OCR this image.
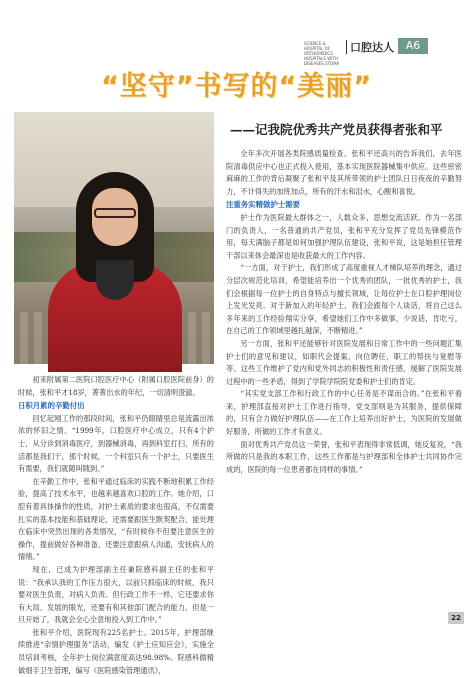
SCIENCE & HOSPITAL OF ORTHOPEDICS HOSPITALS WITH DISEASES STOMA
口腔达人	A6
“坚守”书写的“美丽”
——记我院优秀共产党员获得者张和平

初来附属第二医院口腔医疗中心（附属口腔医院前身）的时候，张和平才18岁，菁菁出水的年纪，一切清明澄澈。

日积月累的辛勤付出

回忆起刚工作的那段时间，张和平仍眼睛里总是流露出浓浓的怀旧之情。“1999年，口腔医疗中心成立，只有4个护士，从分诊到消毒医疗，到器械消毒，再到科室打扫，所有的活都是我们干，那个时候，一个科室只有一个护士，只要医生有需要，我们就随叫随到。”

在辛勤工作中，张和平通过临床的实践不断地积累工作经验，提高了技术水平，也越来越喜欢口腔的工作。她介绍，口腔有着具体操作的性质，对护士素质的要求也很高，不仅需要扎实的基本技能和基础理论，还需要跟医生默契配合，能处理在临床中突然出现的各类情况，“有时候你不但要注意医生的操作，提前做好各种准备，还要注意跟病人沟通，安抚病人的情绪。”

现在，已成为护理部副主任兼院感科副主任的张和平说：“我承认我的工作压力很大，以前只抓临床的时候，我只要对医生负责，对病人负责。但行政工作不一样，它还要求你有大局、发展的眼光，还要有和其他部门配合的能力。但是一旦开始了，我就会全心全意地投入到工作中。”

张和平介绍，医院现有225名护士。2015年，护理部继续推进“亲情护理服务”活动，编发《护士应知应会》，实施全员培训考核，全年护士岗位满意度高达98.98%。院感科做精做细手卫生管理，编写《医院感染管理通讯》，

全年多次开展各类院感质量检查。张和平还高兴的告诉我们，去年医院清毒供应中心也正式投入使用，基本实现医院器械集中供应。这些密密麻麻的工作的背后凝聚了张和平及其所带领的护士团队日日夜夜的辛勤努力，不计得失的加班加点，所有的汗水和泪水，心酸和喜悦。

注重务实精做护士需要

护士作为医院最大群体之一，人数众多，思想交流活跃。作为一名部门的负责人，一名普通的共产党员，张和平充分发挥了党员先锋模范作用，每天满脑子都是如何加强护理队伍建设，张和平说，这是她担任管理干部以来体会最深也是收获最大的工作内容。

“一方面，对于护士，我们形成了高度重视人才梯队培养的理念，通过分层次规范化培训，希望能培养出一个优秀的团队，一批优秀的护士，我们会根据每一位护士的自身特点与擅长领域，让每位护士在口腔护理岗位上发光发亮。对于新加入的年轻护士，我们会跟每个人谈话，将自己这么多年来的工作经验翔实分享，希望她们工作中多做事，少说话，肯吃亏，在自己的工作领域里越扎越深，不断精进。”

另一方面，张和平还能够针对医院发展和日常工作中的一些问题汇集护士们的意见和建议，如职代会提案，向位聘任，职工的帮扶与宽慰等等。这些工作维护了党内和党外同志的积极性和责任感，缓解了医院发展过程中的一些矛盾，得到了学院学院院党委和护士们的肯定。

“其实党支部工作和行政工作的中心任务是不谋而合的。”在张和平看来，护理部直接对护士工作进行指导，党支部则是为其服务，提供保障的，只有合力做好护理队伍——在工作上培养出好护士，为医院的发展做好服务，所做的工作才有意义。

面对优秀共产党员这一荣誉，张和平表现得非常低调，她反复说，“我所做的只是我的本职工作，这些工作都是与护理部和全体护士共同协作完成的，医院的每一位患者都在同样的事情。”

22
